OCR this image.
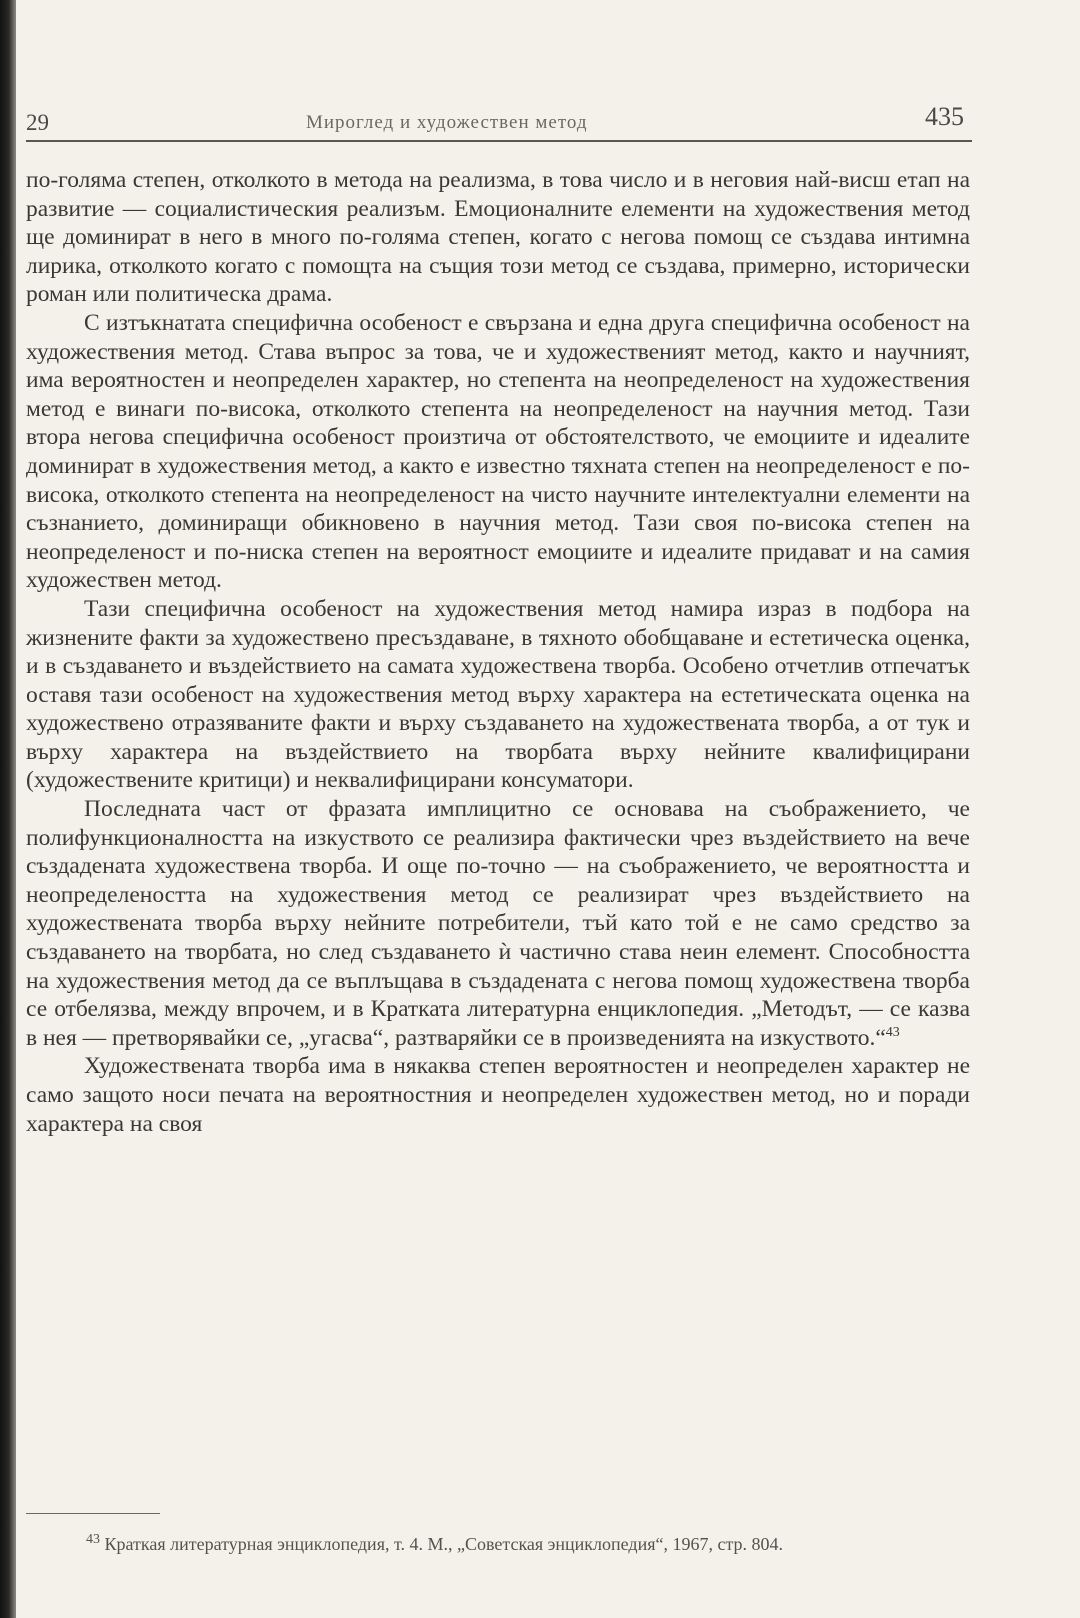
29	Мироглед и художествен метод	435

по-голяма степен, отколкото в метода на реализма, в това число и в неговия най-висш етап на развитие — социалистическия реализъм. Емоционалните елементи на художествения метод ще доминират в него в много по-голяма степен, когато с негова помощ се създава интимна лирика, отколкото когато с помощта на същия този метод се създава, примерно, исторически роман или политическа драма.

С изтъкнатата специфична особеност е свързана и една друга специфична особеност на художествения метод. Става въпрос за това, че и художественият метод, както и научният, има вероятностен и неопределен характер, но степента на неопределеност на художествения метод е винаги по-висока, отколкото степента на неопределеност на научния метод. Тази втора негова специфична особеност произтича от обстоятелството, че емоциите и идеалите доминират в художествения метод, а както е известно тяхната степен на неопределеност е по-висока, отколкото степента на неопределеност на чисто научните интелектуални елементи на съзнанието, доминиращи обикновено в научния метод. Тази своя по-висока степен на неопределеност и по-ниска степен на вероятност емоциите и идеалите придават и на самия художествен метод.

Тази специфична особеност на художествения метод намира израз в подбора на жизнените факти за художествено пресъздаване, в тяхното обобщаване и естетическа оценка, и в създаването и въздействието на самата художествена творба. Особено отчетлив отпечатък оставя тази особеност на художествения метод върху характера на естетическата оценка на художествено отразяваните факти и върху създаването на художествената творба, а от тук и върху характера на въздействието на творбата върху нейните квалифицирани (художествените критици) и неквалифицирани консуматори.

Последната част от фразата имплицитно се основава на съображението, че полифункционалността на изкуството се реализира фактически чрез въздействието на вече създадената художествена творба. И още по-точно — на съображението, че вероятността и неопределеността на художествения метод се реализират чрез въздействието на художествената творба върху нейните потребители, тъй като той е не само средство за създаването на творбата, но след създаването ѝ частично става неин елемент. Способността на художествения метод да се въплъщава в създадената с негова помощ художествена творба се отбелязва, между впрочем, и в Кратката литературна енциклопедия. „Методът, — се казва в нея — претворявайки се, „угасва“, разтваряйки се в произведенията на изкуството.“$^{43}$

Художествената творба има в някаква степен вероятностен и неопределен характер не само защото носи печата на вероятностния и неопределен художествен метод, но и поради характера на своя

$^{43}$ Краткая литературная энциклопедия, т. 4. М., „Советская энциклопедия“, 1967, стр. 804.
